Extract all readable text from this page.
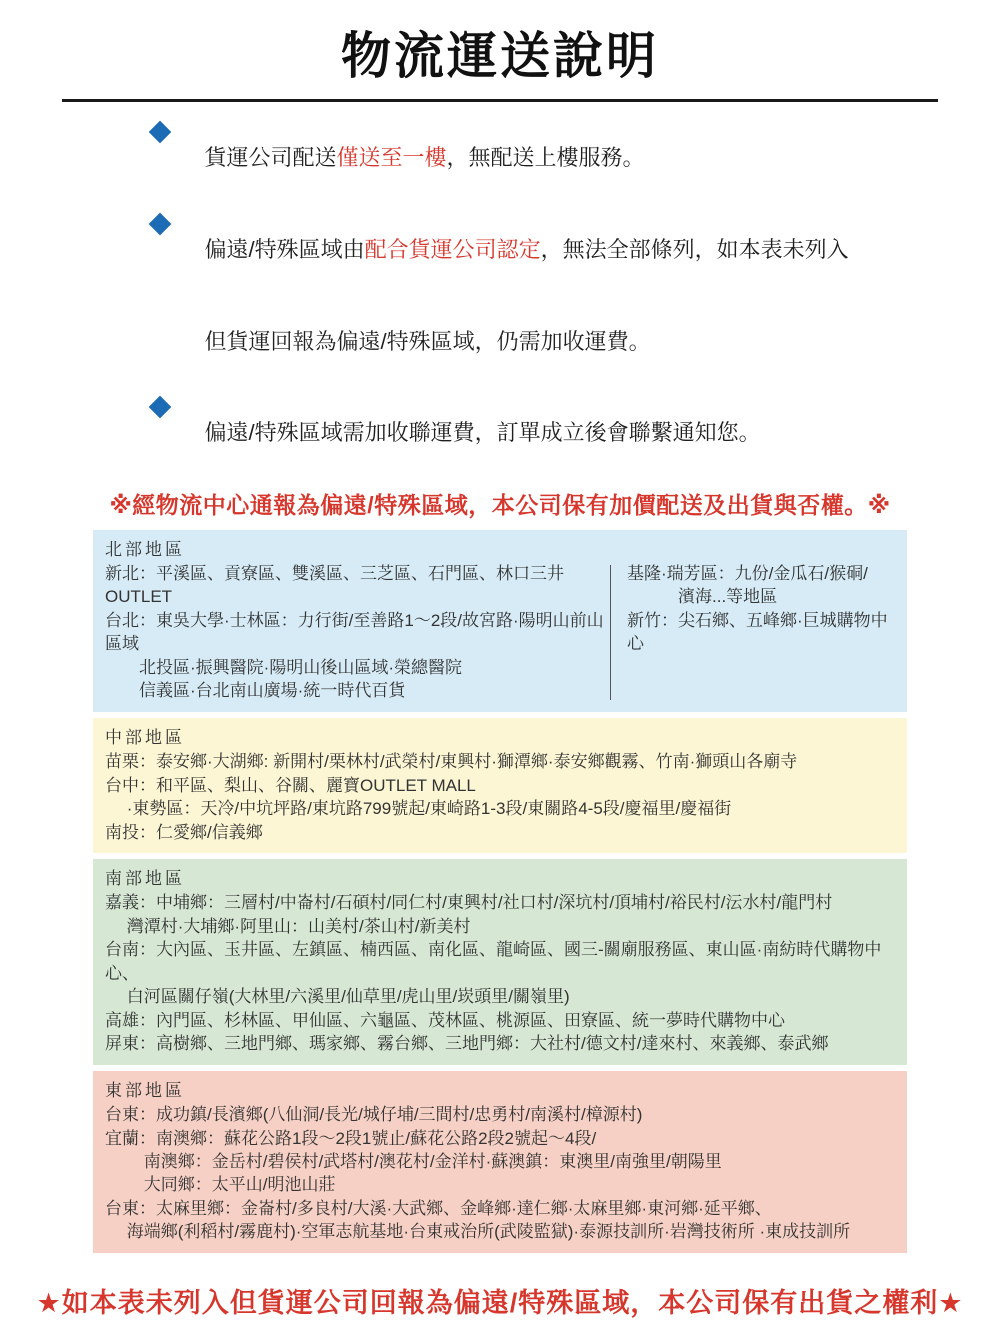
物流運送說明

貨運公司配送僅送至一樓，無配送上樓服務。

偏遠/特殊區域由配合貨運公司認定，無法全部條列，如本表未列入

但貨運回報為偏遠/特殊區域，仍需加收運費。

偏遠/特殊區域需加收聯運費，訂單成立後會聯繫通知您。

※經物流中心通報為偏遠/特殊區域，本公司保有加價配送及出貨與否權。※
北部地區
新北：平溪區、貢寮區、雙溪區、三芝區、石門區、林口三井OUTLET
台北：東吳大學·士林區：力行街/至善路1～2段/故宮路·陽明山前山區域
　　北投區·振興醫院·陽明山後山區域·榮總醫院
　　信義區·台北南山廣場·統一時代百貨
基隆·瑞芳區：九份/金瓜石/猴硐/
　　　濱海...等地區
新竹：尖石鄉、五峰鄉·巨城購物中心
中部地區
苗栗：泰安鄉·大湖鄉: 新開村/栗林村/武榮村/東興村·獅潭鄉·泰安鄉觀霧、竹南·獅頭山各廟寺
台中：和平區、梨山、谷關、麗寶OUTLET MALL
　 ·東勢區：天冷/中坑坪路/東坑路799號起/東崎路1-3段/東關路4-5段/慶福里/慶福街
南投：仁愛鄉/信義鄉
南部地區
嘉義：中埔鄉：三層村/中崙村/石碩村/同仁村/東興村/社口村/深坑村/頂埔村/裕民村/沄水村/龍門村
　 灣潭村·大埔鄉·阿里山：山美村/茶山村/新美村
台南：大內區、玉井區、左鎮區、楠西區、南化區、龍崎區、國三-關廟服務區、東山區·南紡時代購物中心、
　 白河區關仔嶺(大林里/六溪里/仙草里/虎山里/崁頭里/關嶺里)
高雄：內門區、杉林區、甲仙區、六龜區、茂林區、桃源區、田寮區、統一夢時代購物中心
屏東：高樹鄉、三地門鄉、瑪家鄉、霧台鄉、三地門鄉：大社村/德文村/達來村、來義鄉、泰武鄉
東部地區
台東：成功鎮/長濱鄉(八仙洞/長光/城仔埔/三間村/忠勇村/南溪村/樟源村)
宜蘭：南澳鄉：蘇花公路1段～2段1號止/蘇花公路2段2號起～4段/
　　 南澳鄉：金岳村/碧侯村/武塔村/澳花村/金洋村·蘇澳鎮：東澳里/南強里/朝陽里
　　 大同鄉：太平山/明池山莊
台東：太麻里鄉：金崙村/多良村/大溪·大武鄉、金峰鄉·達仁鄉·太麻里鄉·東河鄉·延平鄉、
　 海端鄉(利稻村/霧鹿村)·空軍志航基地·台東戒治所(武陵監獄)·泰源技訓所·岩灣技術所 ·東成技訓所
★如本表未列入但貨運公司回報為偏遠/特殊區域，本公司保有出貨之權利★
